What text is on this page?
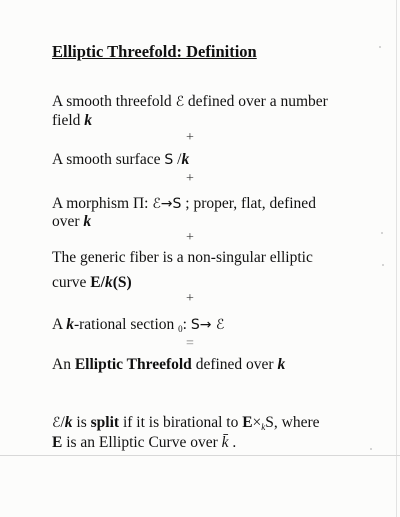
Elliptic Threefold: Definition
A smooth threefold ℰ defined over a number
field k
+
A smooth surface S /k
+
A morphism Π: ℰ→S ; proper, flat, defined
over k
+
The generic fiber is a non-singular elliptic
curve E/k(S)
+
A k-rational section $_0$: S→ ℰ
=
An Elliptic Threefold defined over k
ℰ/k is split if it is birational to $E\times_kS$, where
E is an Elliptic Curve over k̄ .
